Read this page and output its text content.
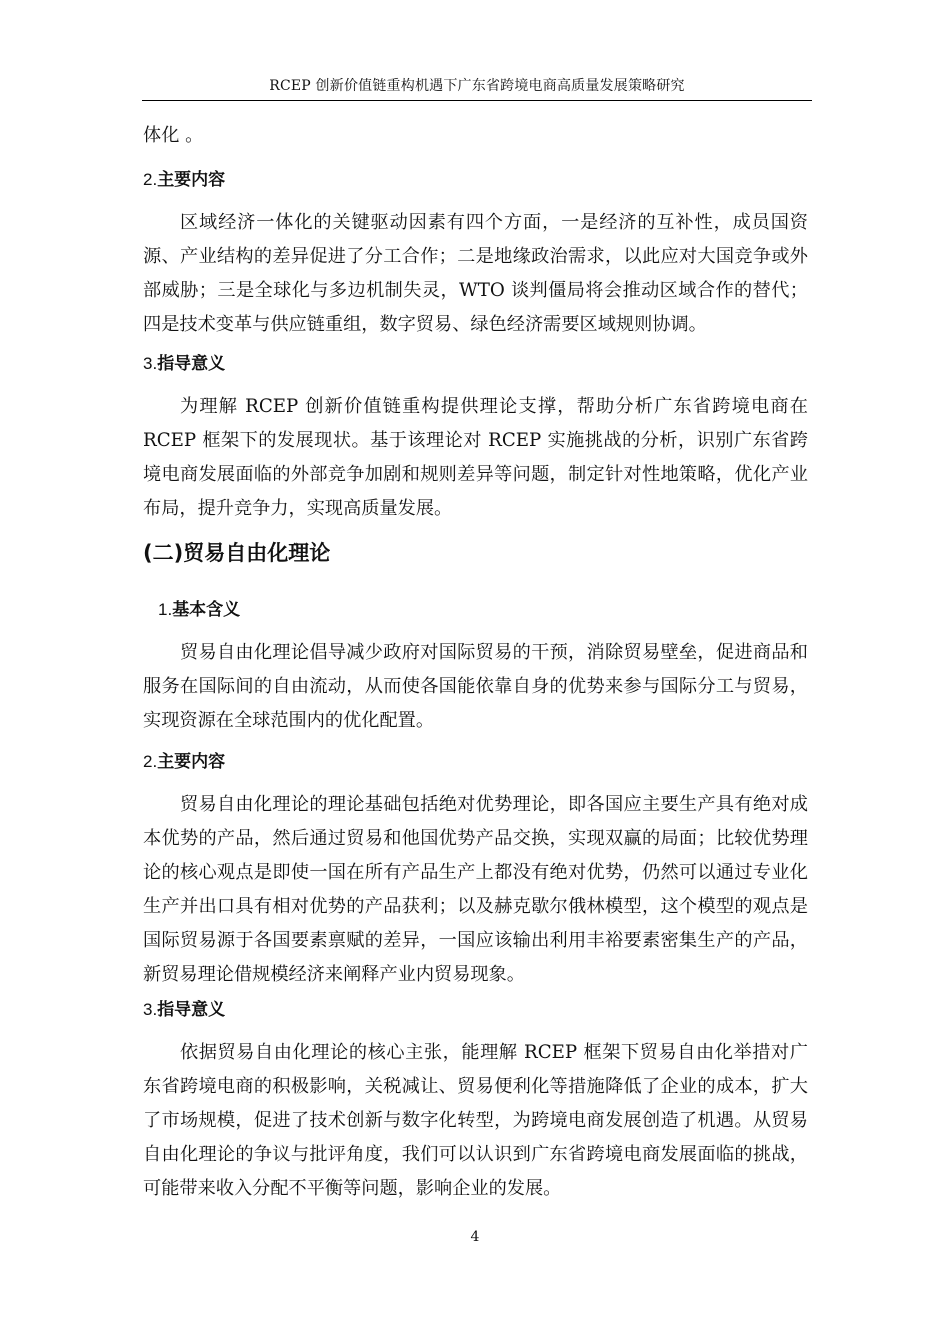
RCEP 创新价值链重构机遇下广东省跨境电商高质量发展策略研究

体化 。

2.主要内容

区域经济一体化的关键驱动因素有四个方面，一是经济的互补性，成员国资源、产业结构的差异促进了分工合作；二是地缘政治需求，以此应对大国竞争或外部威胁；三是全球化与多边机制失灵，WTO 谈判僵局将会推动区域合作的替代；四是技术变革与供应链重组，数字贸易、绿色经济需要区域规则协调。

3.指导意义

为理解 RCEP 创新价值链重构提供理论支撑，帮助分析广东省跨境电商在 RCEP 框架下的发展现状。基于该理论对 RCEP 实施挑战的分析，识别广东省跨境电商发展面临的外部竞争加剧和规则差异等问题，制定针对性地策略，优化产业布局，提升竞争力，实现高质量发展。

(二)贸易自由化理论
1.基本含义

贸易自由化理论倡导减少政府对国际贸易的干预，消除贸易壁垒，促进商品和服务在国际间的自由流动，从而使各国能依靠自身的优势来参与国际分工与贸易，实现资源在全球范围内的优化配置。

2.主要内容

贸易自由化理论的理论基础包括绝对优势理论，即各国应主要生产具有绝对成本优势的产品，然后通过贸易和他国优势产品交换，实现双赢的局面；比较优势理论的核心观点是即使一国在所有产品生产上都没有绝对优势，仍然可以通过专业化生产并出口具有相对优势的产品获利；以及赫克歇尔俄林模型，这个模型的观点是国际贸易源于各国要素禀赋的差异，一国应该输出利用丰裕要素密集生产的产品，新贸易理论借规模经济来阐释产业内贸易现象。

3.指导意义

依据贸易自由化理论的核心主张，能理解 RCEP 框架下贸易自由化举措对广东省跨境电商的积极影响，关税减让、贸易便利化等措施降低了企业的成本，扩大了市场规模，促进了技术创新与数字化转型，为跨境电商发展创造了机遇。从贸易自由化理论的争议与批评角度，我们可以认识到广东省跨境电商发展面临的挑战，可能带来收入分配不平衡等问题，影响企业的发展。

4
